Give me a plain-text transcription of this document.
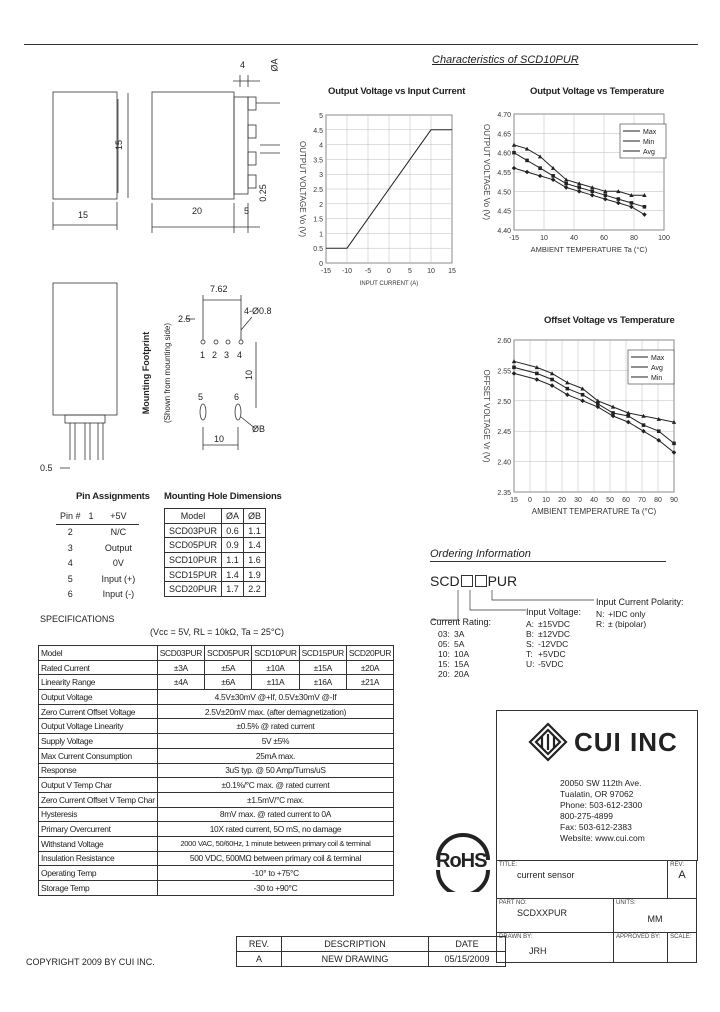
Characteristics of SCD10PUR
4	ØA
15
15	20	5
0.25
7.62
2.5
4-Ø0.8
1 2 3 4
10
5	6
10
ØB
0.5
Mounting Footprint (Shown from mounting side)
Output Voltage vs Input Current
0
0.5
1
1.5
2
2.5
3
3.5
4
4.5
5
-15 -10 -5 0 5 10 15
INPUT CURRENT (A)
OUTPUT VOLTAGE Vo (V)
Output Voltage vs Temperature
4.40
4.45
4.50
4.55
4.60
4.65
4.70
-15	10	40	60	80	100
AMBIENT TEMPERATURE Ta (°C)
OUTPUT VOLTAGE Vo (V)	Max
Min
Avg
Offset Voltage vs Temperature
2.35
2.40
2.45
2.50
2.55
2.60
15 0 10 20 30 40 50 60 70 80 90
AMBIENT TEMPERATURE Ta (°C)
OFFSET VOLTAGE Vr (V)
Max
Avg
Min
Pin Assignments
Pin #	1	+5V
2		N/C
3		Output
4		0V
5		Input (+)
6		Input (-)
Mounting Hole Dimensions
Model	ØA	ØB
SCD03PUR	0.6	1.1
SCD05PUR	0.9	1.4
SCD10PUR	1.1	1.6
SCD15PUR	1.4	1.9
SCD20PUR	1.7	2.2
Ordering Information
SCD PUR
Current Rating:
03: 3A
05: 5A
10: 10A
15: 15A
20: 20A
Input Voltage:
A: ±15VDC
B: ±12VDC
S: -12VDC
T: +5VDC
U: -5VDC
Input Current Polarity:
N: +IDC only
R: ± (bipolar)
SPECIFICATIONS
(Vcc = 5V, RL = 10kΩ, Ta = 25°C)
Model	SCD03PUR	SCD05PUR	SCD10PUR	SCD15PUR	SCD20PUR
Rated Current	±3A	±5A	±10A	±15A	±20A
Linearity Range	±4A	±6A	±11A	±16A	±21A
Output Voltage	4.5V±30mV @+If, 0.5V±30mV @-If				
Zero Current Offset Voltage	2.5V±20mV max. (after demagnetization)				
Output Voltage Linearity	±0.5% @ rated current				
Supply Voltage	5V ±5%				
Max Current Consumption	25mA max.				
Response	3uS typ. @ 50 Amp/Turns/uS				
Output V Temp Char	±0.1%/°C max. @ rated current				
Zero Current Offset V Temp Char	±1.5mV/°C max.				
Hysteresis	8mV max. @ rated current to 0A				
Primary Overcurrent	10X rated current, 5O mS, no damage				
Withstand Voltage	2000 VAC, 50/60Hz, 1 minute between primary coil & terminal				
Insulation Resistance	500 VDC, 500MΩ between primary coil & terminal				
Operating Temp	-10° to +75°C				
Storage Temp	-30 to +90°C				
CUI INC
20050 SW 112th Ave.
Tualatin, OR 97062
Phone: 503-612-2300
800-275-4899
Fax: 503-612-2383
Website: www.cui.com
RoHS TITLE:
current sensor		REV:
A

PART NO:
SCDXXPUR	UNITS:
MM	

DRAWN BY:
JRH	APPROVED BY:	SCALE:
REV.	DESCRIPTION	DATE
A	NEW DRAWING	05/15/2009
COPYRIGHT 2009 BY CUI INC.
